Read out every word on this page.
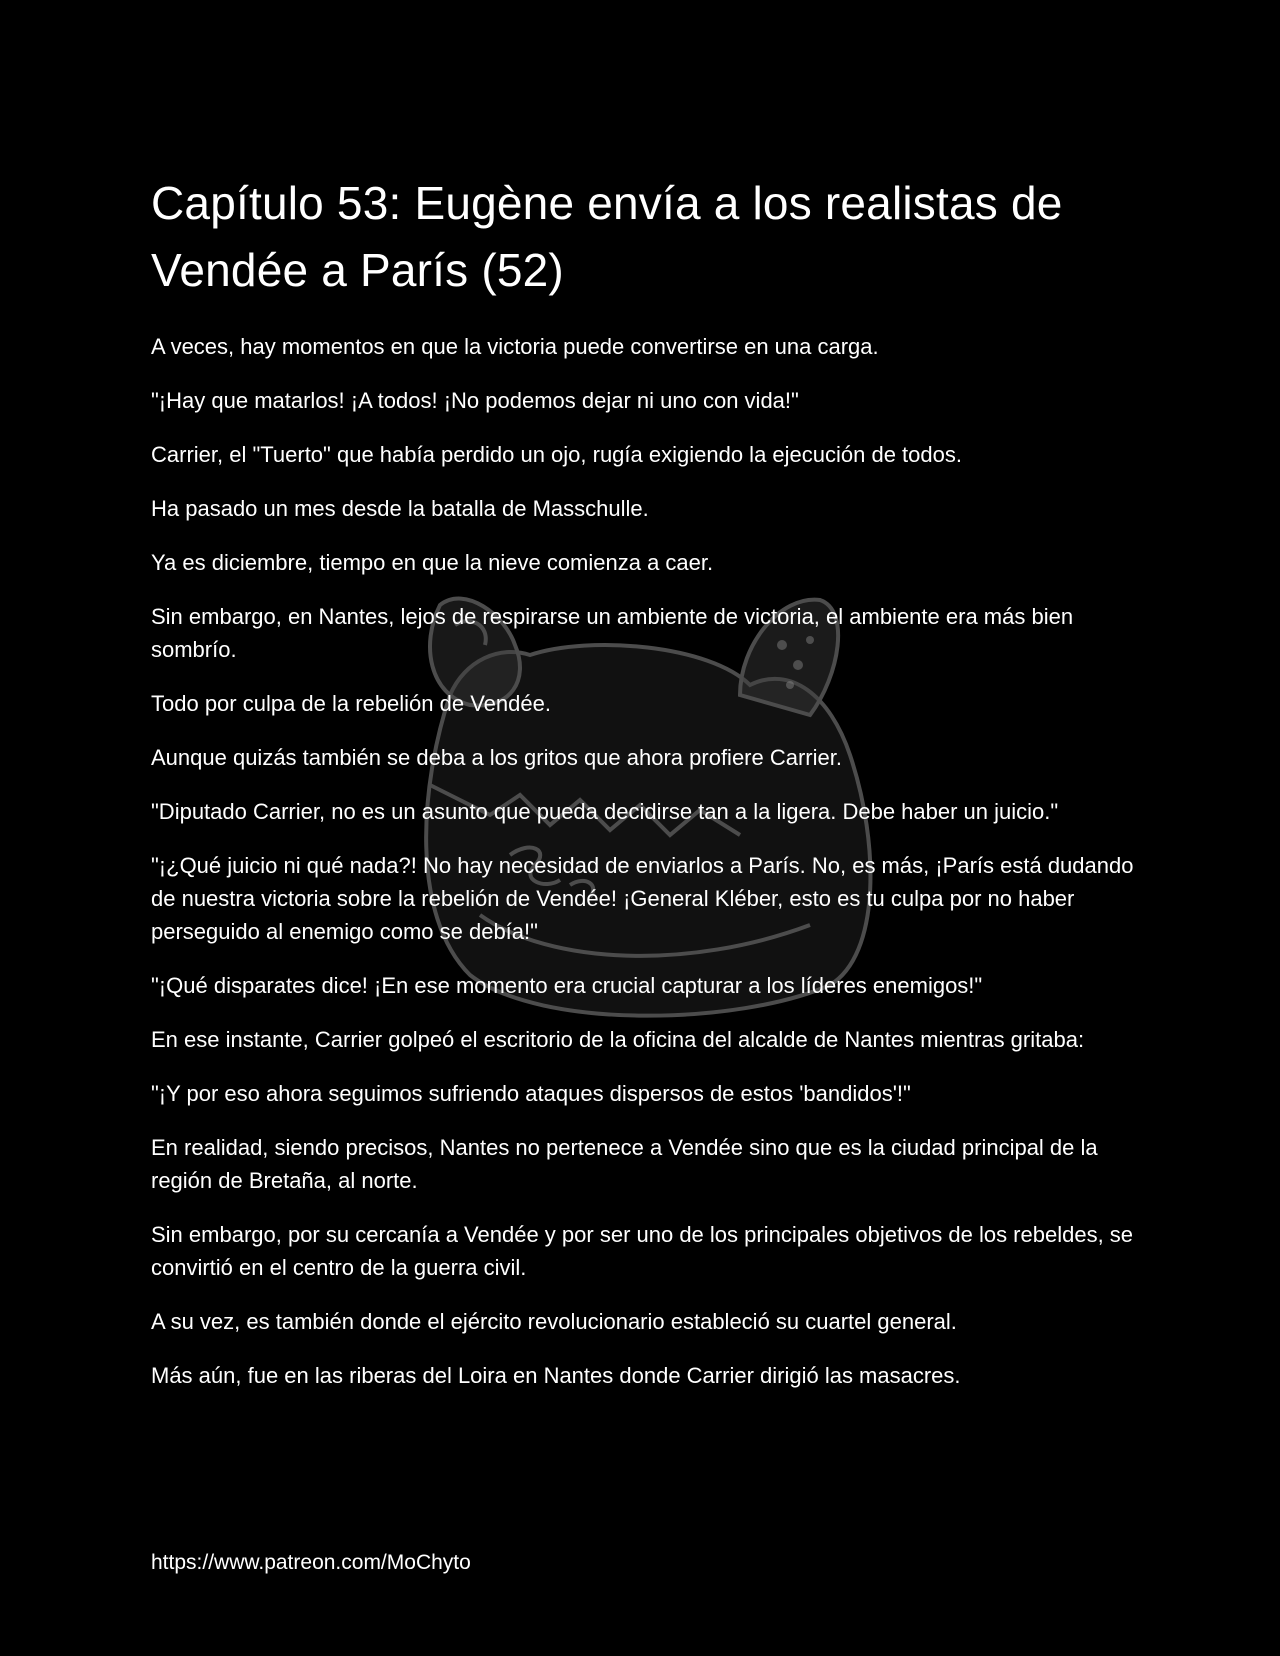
Capítulo 53: Eugène envía a los realistas de Vendée a París (52)

A veces, hay momentos en que la victoria puede convertirse en una carga.

"¡Hay que matarlos! ¡A todos! ¡No podemos dejar ni uno con vida!"

Carrier, el "Tuerto" que había perdido un ojo, rugía exigiendo la ejecución de todos.

Ha pasado un mes desde la batalla de Masschulle.

Ya es diciembre, tiempo en que la nieve comienza a caer.

Sin embargo, en Nantes, lejos de respirarse un ambiente de victoria, el ambiente era más bien sombrío.

Todo por culpa de la rebelión de Vendée.

Aunque quizás también se deba a los gritos que ahora profiere Carrier.

"Diputado Carrier, no es un asunto que pueda decidirse tan a la ligera. Debe haber un juicio."

"¡¿Qué juicio ni qué nada?! No hay necesidad de enviarlos a París. No, es más, ¡París está dudando de nuestra victoria sobre la rebelión de Vendée! ¡General Kléber, esto es tu culpa por no haber perseguido al enemigo como se debía!"

"¡Qué disparates dice! ¡En ese momento era crucial capturar a los líderes enemigos!"

En ese instante, Carrier golpeó el escritorio de la oficina del alcalde de Nantes mientras gritaba:

"¡Y por eso ahora seguimos sufriendo ataques dispersos de estos 'bandidos'!"

En realidad, siendo precisos, Nantes no pertenece a Vendée sino que es la ciudad principal de la región de Bretaña, al norte.

Sin embargo, por su cercanía a Vendée y por ser uno de los principales objetivos de los rebeldes, se convirtió en el centro de la guerra civil.

A su vez, es también donde el ejército revolucionario estableció su cuartel general.

Más aún, fue en las riberas del Loira en Nantes donde Carrier dirigió las masacres.

https://www.patreon.com/MoChyto
